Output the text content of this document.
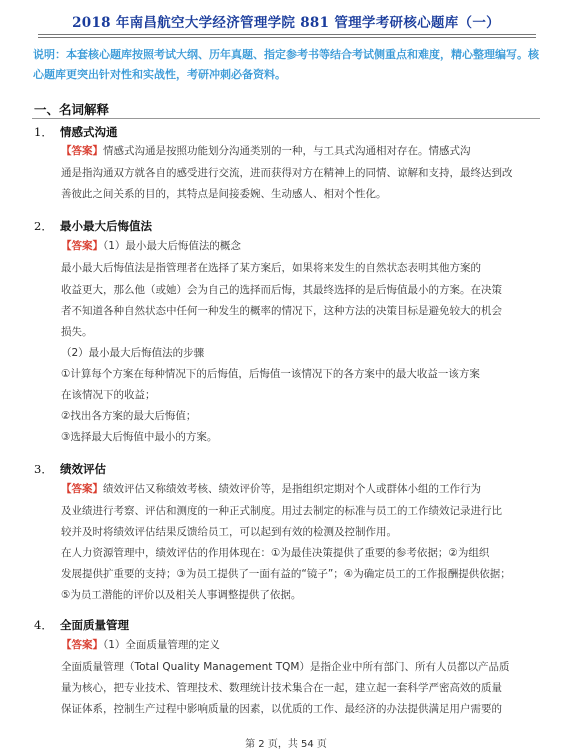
2018 年南昌航空大学经济管理学院 881 管理学考研核心题库（一）
说明：本套核心题库按照考试大纲、历年真题、指定参考书等结合考试侧重点和难度，精心整理编写。核心题库更突出针对性和实战性，考研冲刺必备资料。
一、名词解释
1． 情感式沟通
【答案】情感式沟通是按照功能划分沟通类别的一种，与工具式沟通相对存在。情感式沟
通是指沟通双方就各自的感受进行交流，进而获得对方在精神上的同情、谅解和支持，最终达到改
善彼此之间关系的目的，其特点是间接委婉、生动感人、相对个性化。
2． 最小最大后悔值法
【答案】（1）最小最大后悔值法的概念
最小最大后悔值法是指管理者在选择了某方案后，如果将来发生的自然状态表明其他方案的
收益更大，那么他（或她）会为自己的选择而后悔，其最终选择的是后悔值最小的方案。在决策
者不知道各种自然状态中任何一种发生的概率的情况下，这种方法的决策目标是避免较大的机会
损失。
（2）最小最大后悔值法的步骤
①计算每个方案在每种情况下的后悔值，后悔值一该情况下的各方案中的最大收益一该方案
在该情况下的收益；
②找出各方案的最大后悔值；
③选择最大后悔值中最小的方案。
3． 绩效评估
【答案】绩效评估又称绩效考核、绩效评价等，是指组织定期对个人或群体小组的工作行为
及业绩进行考察、评估和测度的一种正式制度。用过去制定的标准与员工的工作绩效记录进行比
较并及时将绩效评估结果反馈给员工，可以起到有效的检测及控制作用。
在人力资源管理中，绩效评估的作用体现在：①为最佳决策提供了重要的参考依据；②为组织
发展提供扩重要的支持；③为员工提供了一面有益的“镜子”；④为确定员工的工作报酬提供依据；
⑤为员工潜能的评价以及相关人事调整提供了依据。
4． 全面质量管理
【答案】（1）全面质量管理的定义
全面质量管理（Total Quality Management TQM）是指企业中所有部门、所有人员都以产品质
量为核心，把专业技术、管理技术、数理统计技术集合在一起，建立起一套科学严密高效的质量
保证体系，控制生产过程中影响质量的因素，以优质的工作、最经济的办法提供满足用户需要的
第 2 页，共 54 页
